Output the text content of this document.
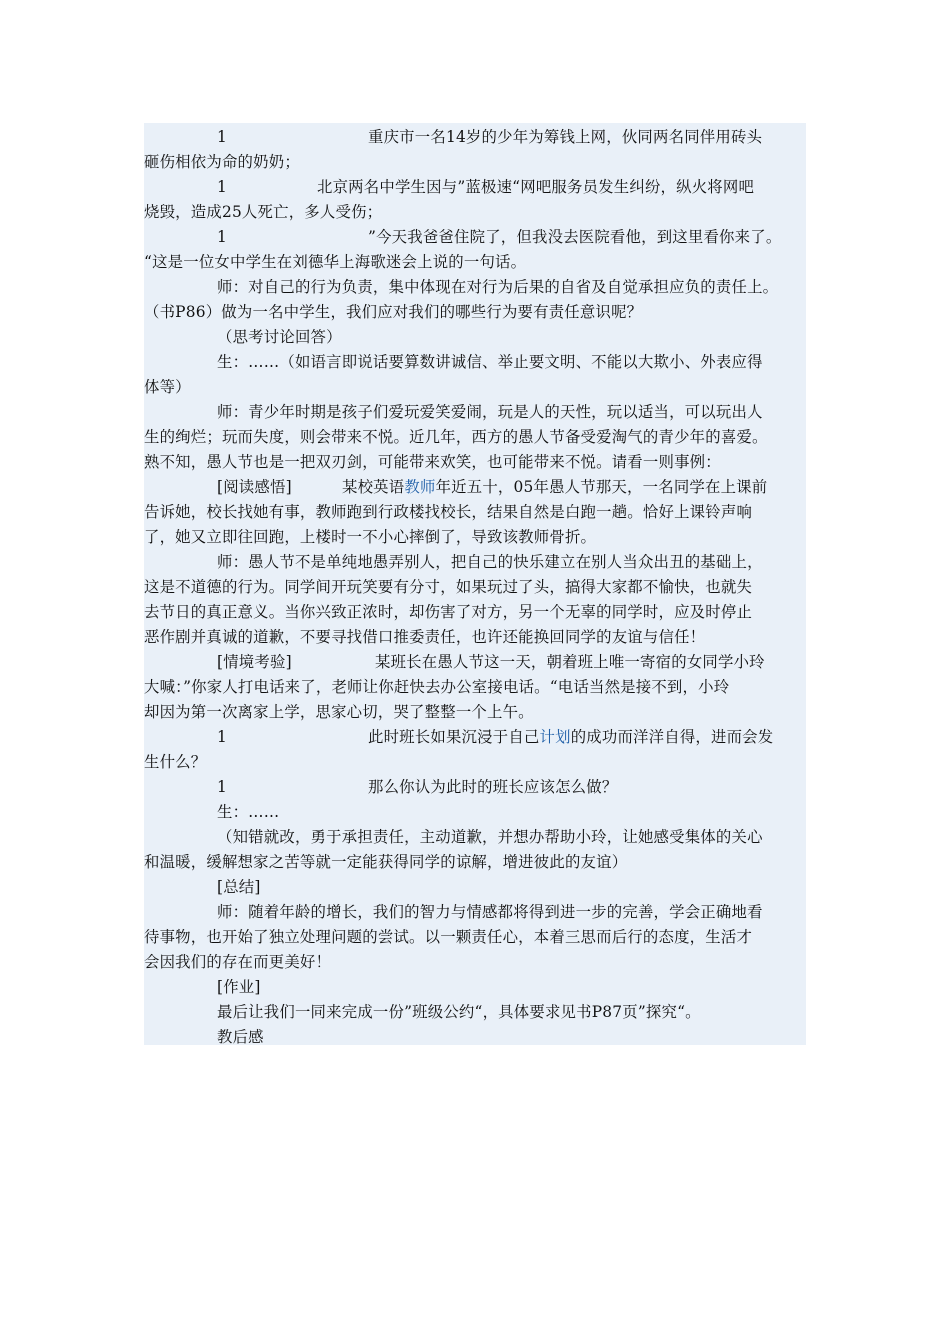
1	重庆市一名14岁的少年为筹钱上网，伙同两名同伴用砖头
砸伤相依为命的奶奶；
1	北京两名中学生因与”蓝极速“网吧服务员发生纠纷，纵火将网吧
烧毁，造成25人死亡，多人受伤；
1	”今天我爸爸住院了，但我没去医院看他，到这里看你来了。
“这是一位女中学生在刘德华上海歌迷会上说的一句话。
师：对自己的行为负责，集中体现在对行为后果的自省及自觉承担应负的责任上。
（书P86）做为一名中学生，我们应对我们的哪些行为要有责任意识呢？
（思考讨论回答）
生：……（如语言即说话要算数讲诚信、举止要文明、不能以大欺小、外表应得
体等）
师：青少年时期是孩子们爱玩爱笑爱闹，玩是人的天性，玩以适当，可以玩出人
生的绚烂；玩而失度，则会带来不悦。近几年，西方的愚人节备受爱淘气的青少年的喜爱。
熟不知，愚人节也是一把双刃剑，可能带来欢笑，也可能带来不悦。请看一则事例：
[阅读感悟]	某校英语教师年近五十，05年愚人节那天，一名同学在上课前
告诉她，校长找她有事，教师跑到行政楼找校长，结果自然是白跑一趟。恰好上课铃声响
了，她又立即往回跑，上楼时一不小心摔倒了，导致该教师骨折。
师：愚人节不是单纯地愚弄别人，把自己的快乐建立在别人当众出丑的基础上，
这是不道德的行为。同学间开玩笑要有分寸，如果玩过了头，搞得大家都不愉快，也就失
去节日的真正意义。当你兴致正浓时，却伤害了对方，另一个无辜的同学时，应及时停止
恶作剧并真诚的道歉，不要寻找借口推委责任，也许还能换回同学的友谊与信任！
[情境考验]	某班长在愚人节这一天，朝着班上唯一寄宿的女同学小玲
大喊：”你家人打电话来了，老师让你赶快去办公室接电话。“电话当然是接不到，小玲
却因为第一次离家上学，思家心切，哭了整整一个上午。
1	此时班长如果沉浸于自己计划的成功而洋洋自得，进而会发
生什么？
1	那么你认为此时的班长应该怎么做？
生：……
（知错就改，勇于承担责任，主动道歉，并想办帮助小玲，让她感受集体的关心
和温暖，缓解想家之苦等就一定能获得同学的谅解，增进彼此的友谊）
[总结]
师：随着年龄的增长，我们的智力与情感都将得到进一步的完善，学会正确地看
待事物，也开始了独立处理问题的尝试。以一颗责任心，本着三思而后行的态度，生活才
会因我们的存在而更美好！
[作业]
最后让我们一同来完成一份”班级公约“，具体要求见书P87页”探究“。
教后感
